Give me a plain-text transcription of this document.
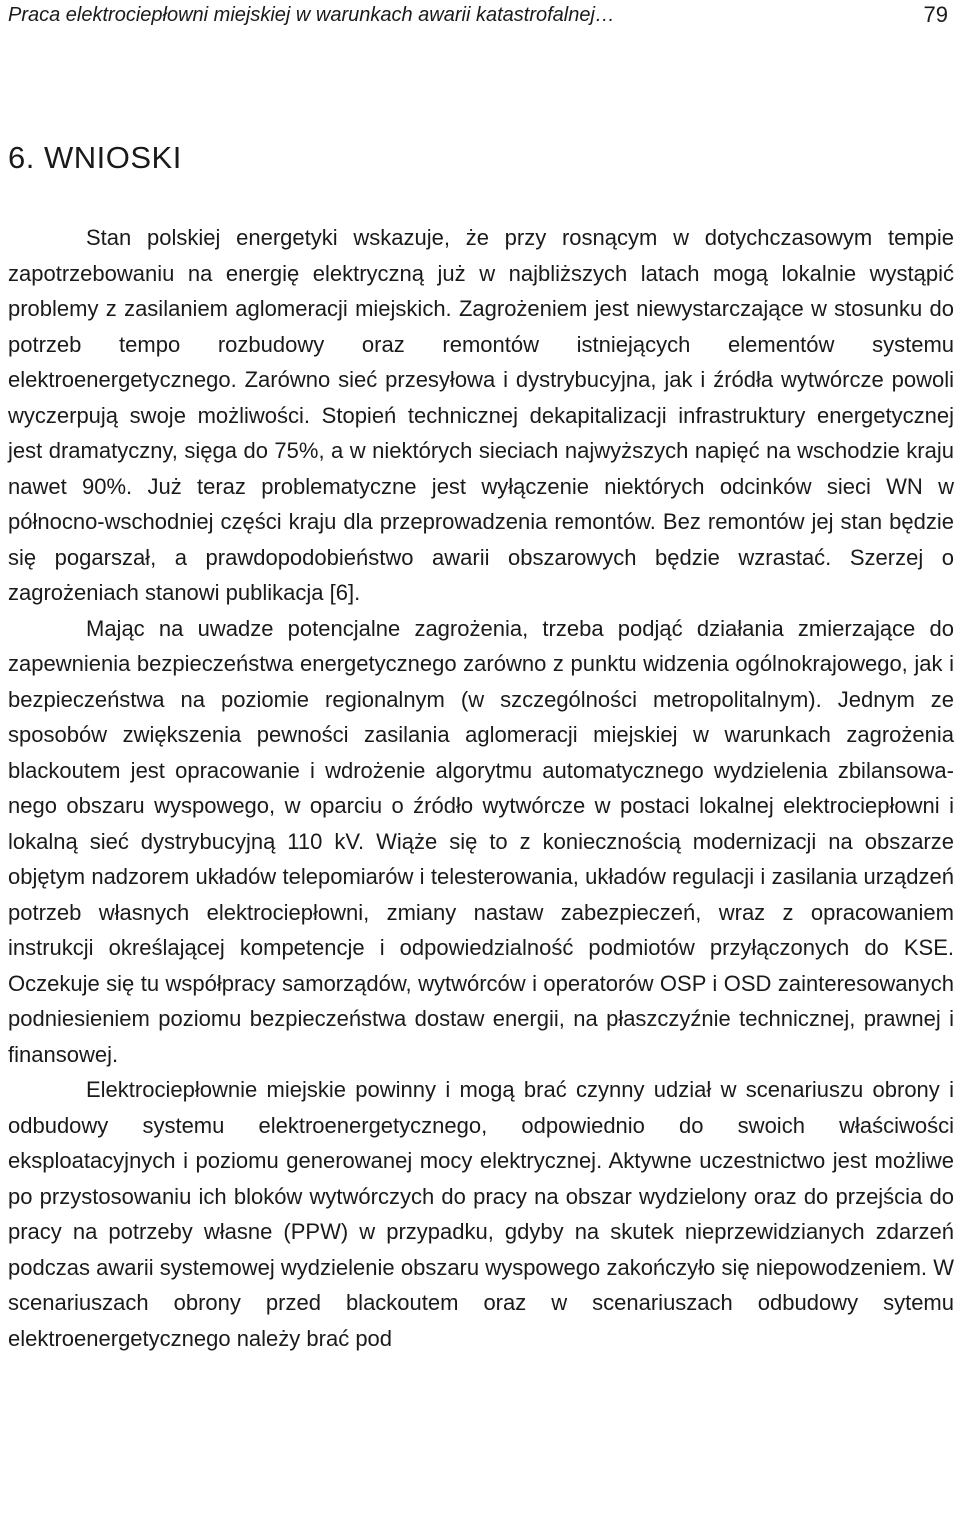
Praca elektrociepłowni miejskiej w warunkach awarii katastrofalnej…	79
6. WNIOSKI

Stan polskiej energetyki wskazuje, że przy rosnącym w dotychczasowym tempie zapotrzebowaniu na energię elektryczną już w najbliższych latach mogą lokalnie wystąpić problemy z zasilaniem aglomeracji miejskich. Zagrożeniem jest niewystarczające w stosunku do potrzeb tempo rozbudowy oraz remontów istniejących elementów systemu elektroenergetycznego. Zarówno sieć przesyłowa i dystrybucyjna, jak i źródła wytwórcze powoli wyczerpują swoje możliwości. Stopień technicznej dekapitalizacji infrastruktury energetycznej jest dramatyczny, sięga do 75%, a w niektórych sieciach najwyższych napięć na wschodzie kraju nawet 90%. Już teraz problematyczne jest wyłączenie niektórych odcinków sieci WN w północno-wschodniej części kraju dla przeprowadzenia remontów. Bez remontów jej stan będzie się pogarszał, a prawdopodobieństwo awarii obszarowych będzie wzrastać. Szerzej o zagrożeniach stanowi publikacja [6].

Mając na uwadze potencjalne zagrożenia, trzeba podjąć działania zmierzające do zapewnienia bezpieczeństwa energetycznego zarówno z punktu widzenia ogólnokrajowego, jak i bezpieczeństwa na poziomie regionalnym (w szczególności metropolitalnym). Jednym ze sposobów zwiększenia pewności zasilania aglomeracji miejskiej w warunkach zagrożenia blackoutem jest opracowanie i wdrożenie algorytmu automatycznego wydzielenia zbilansowanego obszaru wyspowego, w oparciu o źródło wytwórcze w postaci lokalnej elektrociepłowni i lokalną sieć dystrybucyjną 110 kV. Wiąże się to z koniecznością modernizacji na obszarze objętym nadzorem układów telepomiarów i telesterowania, układów regulacji i zasilania urządzeń potrzeb własnych elektrociepłowni, zmiany nastaw zabezpieczeń, wraz z opracowaniem instrukcji określającej kompetencje i odpowiedzialność podmiotów przyłączonych do KSE. Oczekuje się tu współpracy samorządów, wytwórców i operatorów OSP i OSD zainteresowanych podniesieniem poziomu bezpieczeństwa dostaw energii, na płaszczyźnie technicznej, prawnej i finansowej.

Elektrociepłownie miejskie powinny i mogą brać czynny udział w scenariuszu obrony i odbudowy systemu elektroenergetycznego, odpowiednio do swoich właściwości eksploatacyjnych i poziomu generowanej mocy elektrycznej. Aktywne uczestnictwo jest możliwe po przystosowaniu ich bloków wytwórczych do pracy na obszar wydzielony oraz do przejścia do pracy na potrzeby własne (PPW) w przypadku, gdyby na skutek nieprzewidzianych zdarzeń podczas awarii systemowej wydzielenie obszaru wyspowego zakończyło się niepowodzeniem. W scenariuszach obrony przed blackoutem oraz w scenariuszach odbudowy sytemu elektroenergetycznego należy brać pod
